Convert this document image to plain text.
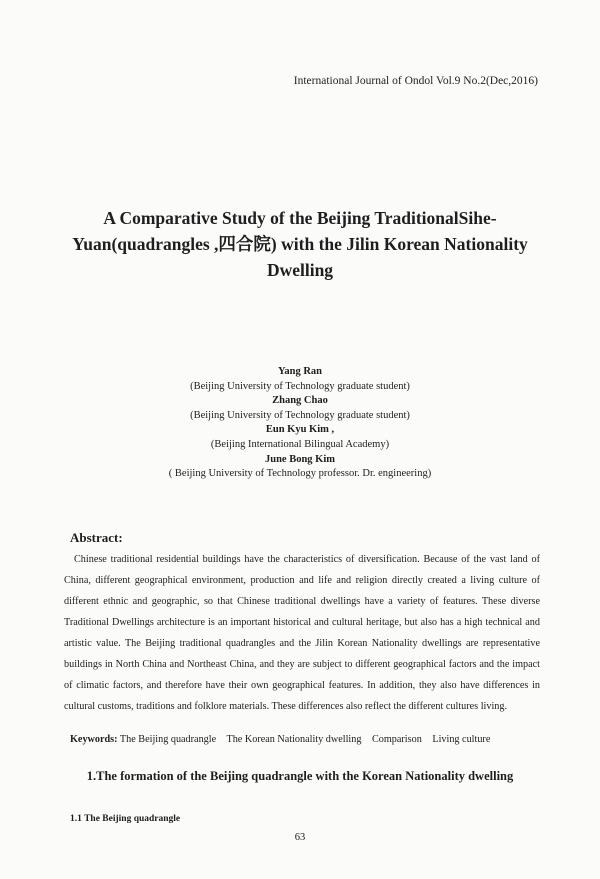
International Journal of Ondol Vol.9 No.2(Dec,2016)
A Comparative Study of the Beijing TraditionalSihe-
Yuan(quadrangles ,四合院) with the Jilin Korean Nationality
Dwelling
Yang Ran
(Beijing University of Technology graduate student)
Zhang Chao
(Beijing University of Technology graduate student)
Eun Kyu Kim ,
(Beijing International Bilingual Academy)
June Bong Kim
( Beijing University of Technology professor. Dr. engineering)
Abstract:
Chinese traditional residential buildings have the characteristics of diversification. Because of the vast land of China, different geographical environment, production and life and religion directly created a living culture of different ethnic and geographic, so that Chinese traditional dwellings have a variety of features. These diverse Traditional Dwellings architecture is an important historical and cultural heritage, but also has a high technical and artistic value. The Beijing traditional quadrangles and the Jilin Korean Nationality dwellings are representative buildings in North China and Northeast China, and they are subject to different geographical factors and the impact of climatic factors, and therefore have their own geographical features. In addition, they also have differences in cultural customs, traditions and folklore materials. These differences also reflect the different cultures living.
Keywords: The Beijing quadrangle The Korean Nationality dwelling Comparison Living culture
1.The formation of the Beijing quadrangle with the Korean Nationality dwelling
1.1 The Beijing quadrangle
63
